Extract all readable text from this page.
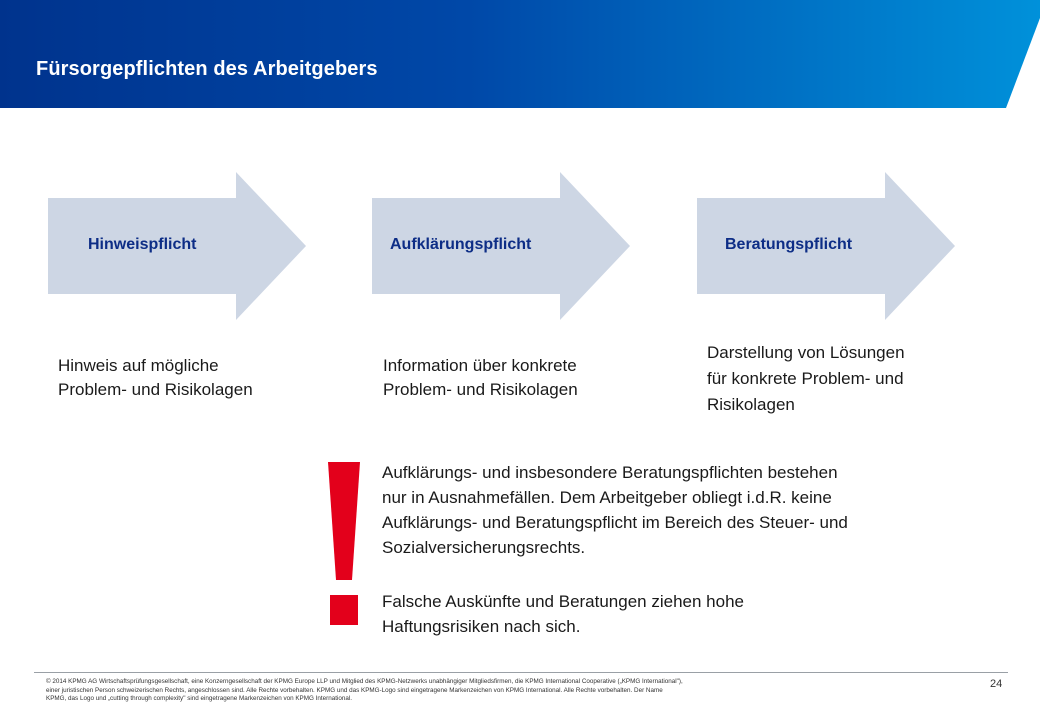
Fürsorgepflichten des Arbeitgebers
Hinweispflicht	Aufklärungspflicht	Beratungspflicht
Hinweis auf mögliche
Problem- und Risikolagen
Information über konkrete
Problem- und Risikolagen
Darstellung von Lösungen
für konkrete Problem- und
Risikolagen
Aufklärungs- und insbesondere Beratungspflichten bestehen
nur in Ausnahmefällen. Dem Arbeitgeber obliegt i.d.R. keine
Aufklärungs- und Beratungspflicht im Bereich des Steuer- und
Sozialversicherungsrechts.
Falsche Auskünfte und Beratungen ziehen hohe
Haftungsrisiken nach sich.
© 2014 KPMG AG Wirtschaftsprüfungsgesellschaft, eine Konzerngesellschaft der KPMG Europe LLP und Mitglied des KPMG-Netzwerks unabhängiger Mitgliedsfirmen, die KPMG International Cooperative („KPMG International"),
einer juristischen Person schweizerischen Rechts, angeschlossen sind. Alle Rechte vorbehalten. KPMG und das KPMG-Logo sind eingetragene Markenzeichen von KPMG International. Alle Rechte vorbehalten. Der Name
KPMG, das Logo und „cutting through complexity" sind eingetragene Markenzeichen von KPMG International.
24
